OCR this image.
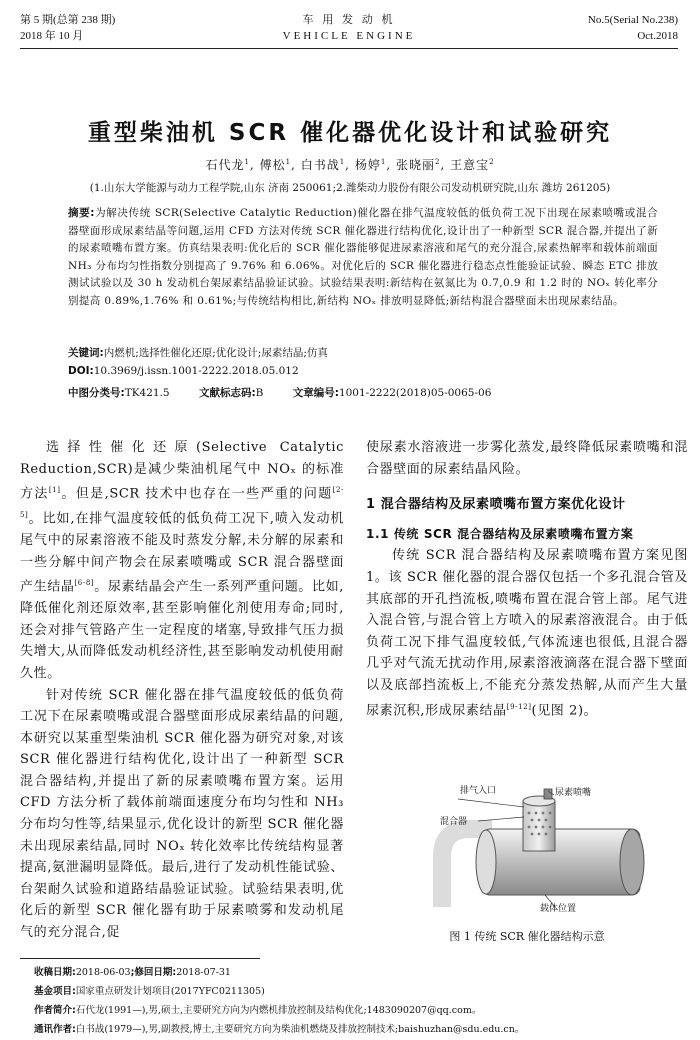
第 5 期(总第 238 期)
2018 年 10 月
车 用 发 动 机
VEHICLE ENGINE
No.5(Serial No.238)
Oct.2018
重型柴油机 SCR 催化器优化设计和试验研究
石代龙$^1$, 傅松$^1$, 白书战$^1$, 杨婷$^1$, 张晓丽$^2$, 王意宝$^2$
(1.山东大学能源与动力工程学院,山东 济南 250061;2.潍柴动力股份有限公司发动机研究院,山东 潍坊 261205)
摘要:为解决传统 SCR(Selective Catalytic Reduction)催化器在排气温度较低的低负荷工况下出现在尿素喷嘴或混合器壁面形成尿素结晶等问题,运用 CFD 方法对传统 SCR 催化器进行结构优化,设计出了一种新型 SCR 混合器,并提出了新的尿素喷嘴布置方案。仿真结果表明:优化后的 SCR 催化器能够促进尿素溶液和尾气的充分混合,尿素热解率和载体前端面 NH₃ 分布均匀性指数分别提高了 9.76% 和 6.06%。对优化后的 SCR 催化器进行稳态点性能验证试验、瞬态 ETC 排放测试试验以及 30 h 发动机台架尿素结晶验证试验。试验结果表明:新结构在氨氮比为 0.7,0.9 和 1.2 时的 NOₓ 转化率分别提高 0.89%,1.76% 和 0.61%;与传统结构相比,新结构 NOₓ 排放明显降低;新结构混合器壁面未出现尿素结晶。
关键词:内燃机;选择性催化还原;优化设计;尿素结晶;仿真
DOI:10.3969/j.issn.1001-2222.2018.05.012
中图分类号:TK421.5	文献标志码:B	文章编号:1001-2222(2018)05-0065-06

选择性催化还原(Selective Catalytic Reduction,SCR)是减少柴油机尾气中 NOₓ 的标准方法[1]。但是,SCR 技术中也存在一些严重的问题[2-5]。比如,在排气温度较低的低负荷工况下,喷入发动机尾气中的尿素溶液不能及时蒸发分解,未分解的尿素和一些分解中间产物会在尿素喷嘴或 SCR 混合器壁面产生结晶[6-8]。尿素结晶会产生一系列严重问题。比如,降低催化剂还原效率,甚至影响催化剂使用寿命;同时,还会对排气管路产生一定程度的堵塞,导致排气压力损失增大,从而降低发动机经济性,甚至影响发动机使用耐久性。

针对传统 SCR 催化器在排气温度较低的低负荷工况下在尿素喷嘴或混合器壁面形成尿素结晶的问题,本研究以某重型柴油机 SCR 催化器为研究对象,对该 SCR 催化器进行结构优化,设计出了一种新型 SCR 混合器结构,并提出了新的尿素喷嘴布置方案。运用 CFD 方法分析了载体前端面速度分布均匀性和 NH₃ 分布均匀性等,结果显示,优化设计的新型 SCR 催化器未出现尿素结晶,同时 NOₓ 转化效率比传统结构显著提高,氨泄漏明显降低。最后,进行了发动机性能试验、台架耐久试验和道路结晶验证试验。试验结果表明,优化后的新型 SCR 催化器有助于尿素喷雾和发动机尾气的充分混合,促

使尿素水溶液进一步雾化蒸发,最终降低尿素喷嘴和混合器壁面的尿素结晶风险。

1 混合器结构及尿素喷嘴布置方案优化设计
1.1 传统 SCR 混合器结构及尿素喷嘴布置方案

传统 SCR 混合器结构及尿素喷嘴布置方案见图 1。该 SCR 催化器的混合器仅包括一个多孔混合管及其底部的开孔挡流板,喷嘴布置在混合管上部。尾气进入混合管,与混合管上方喷入的尿素溶液混合。由于低负荷工况下排气温度较低,气体流速也很低,且混合器几乎对气流无扰动作用,尿素溶液滴落在混合器下壁面以及底部挡流板上,不能充分蒸发热解,从而产生大量尿素沉积,形成尿素结晶[9-12](见图 2)。

排气入口	尿素喷嘴
混合器
载体位置
图 1 传统 SCR 催化器结构示意
收稿日期:2018-06-03;修回日期:2018-07-31
基金项目:国家重点研发计划项目(2017YFC0211305)
作者简介:石代龙(1991—),男,硕士,主要研究方向为内燃机排放控制及结构优化;1483090207@qq.com。
通讯作者:白书战(1979—),男,副教授,博士,主要研究方向为柴油机燃烧及排放控制技术;baishuzhan@sdu.edu.cn。
